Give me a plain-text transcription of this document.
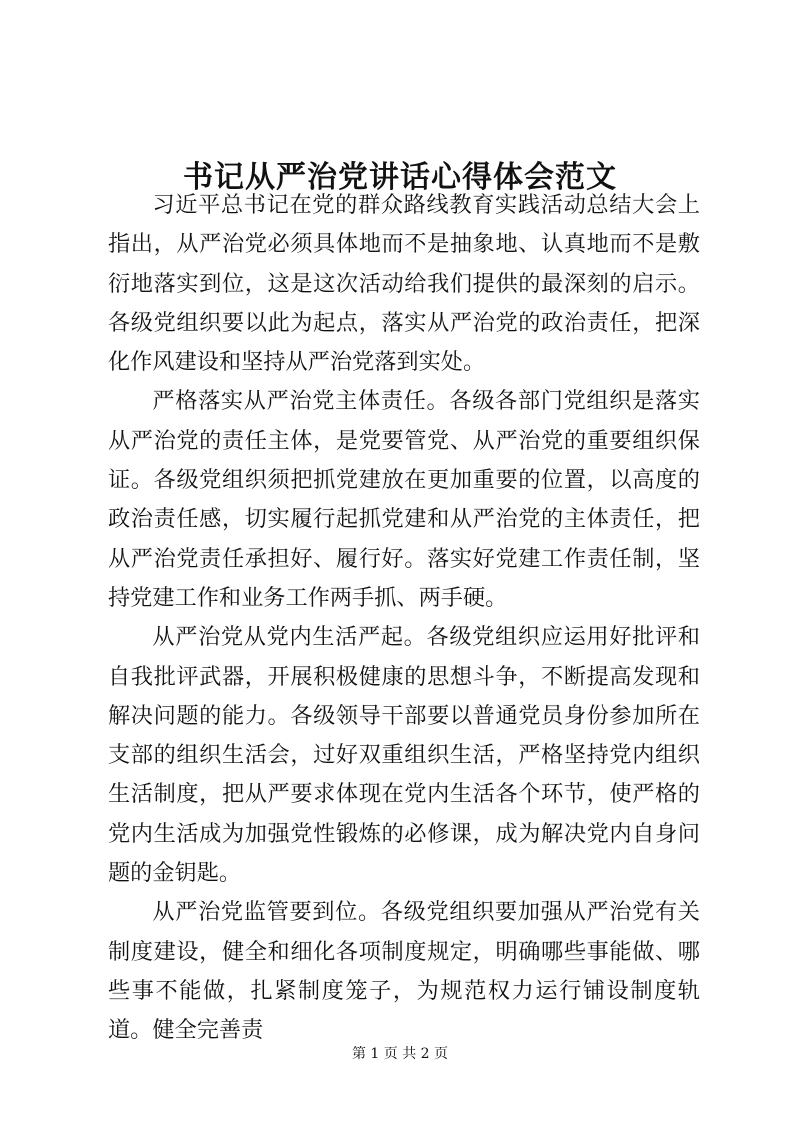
书记从严治党讲话心得体会范文

习近平总书记在党的群众路线教育实践活动总结大会上指出，从严治党必须具体地而不是抽象地、认真地而不是敷衍地落实到位，这是这次活动给我们提供的最深刻的启示。各级党组织要以此为起点，落实从严治党的政治责任，把深化作风建设和坚持从严治党落到实处。

严格落实从严治党主体责任。各级各部门党组织是落实从严治党的责任主体，是党要管党、从严治党的重要组织保证。各级党组织须把抓党建放在更加重要的位置，以高度的政治责任感，切实履行起抓党建和从严治党的主体责任，把从严治党责任承担好、履行好。落实好党建工作责任制，坚持党建工作和业务工作两手抓、两手硬。

从严治党从党内生活严起。各级党组织应运用好批评和自我批评武器，开展积极健康的思想斗争，不断提高发现和解决问题的能力。各级领导干部要以普通党员身份参加所在支部的组织生活会，过好双重组织生活，严格坚持党内组织生活制度，把从严要求体现在党内生活各个环节，使严格的党内生活成为加强党性锻炼的必修课，成为解决党内自身问题的金钥匙。

从严治党监管要到位。各级党组织要加强从严治党有关制度建设，健全和细化各项制度规定，明确哪些事能做、哪些事不能做，扎紧制度笼子，为规范权力运行铺设制度轨道。健全完善责

第 1 页 共 2 页
